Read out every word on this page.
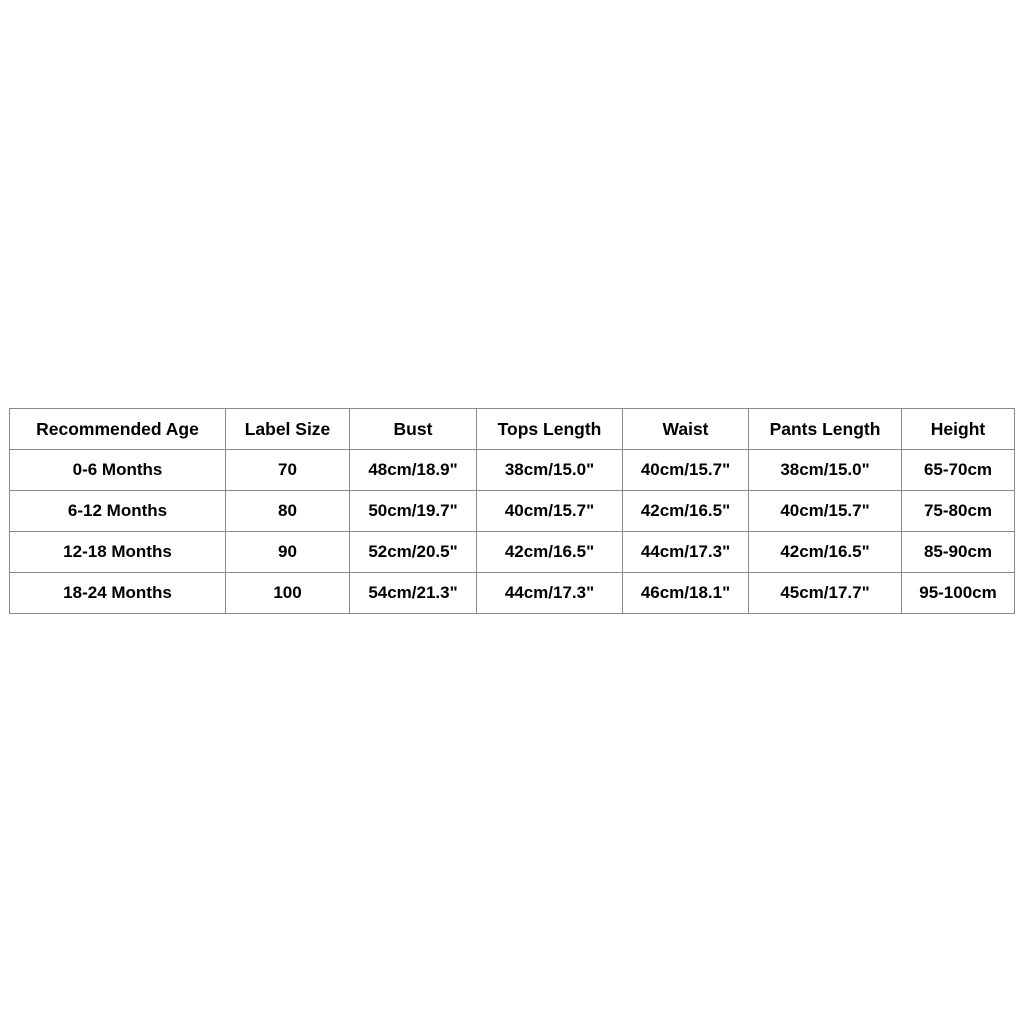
Recommended Age	Label Size	Bust	Tops Length	Waist	Pants Length	Height
0-6 Months	70	48cm/18.9"	38cm/15.0"	40cm/15.7"	38cm/15.0"	65-70cm
6-12 Months	80	50cm/19.7"	40cm/15.7"	42cm/16.5"	40cm/15.7"	75-80cm
12-18 Months	90	52cm/20.5"	42cm/16.5"	44cm/17.3"	42cm/16.5"	85-90cm
18-24 Months	100	54cm/21.3"	44cm/17.3"	46cm/18.1"	45cm/17.7"	95-100cm
